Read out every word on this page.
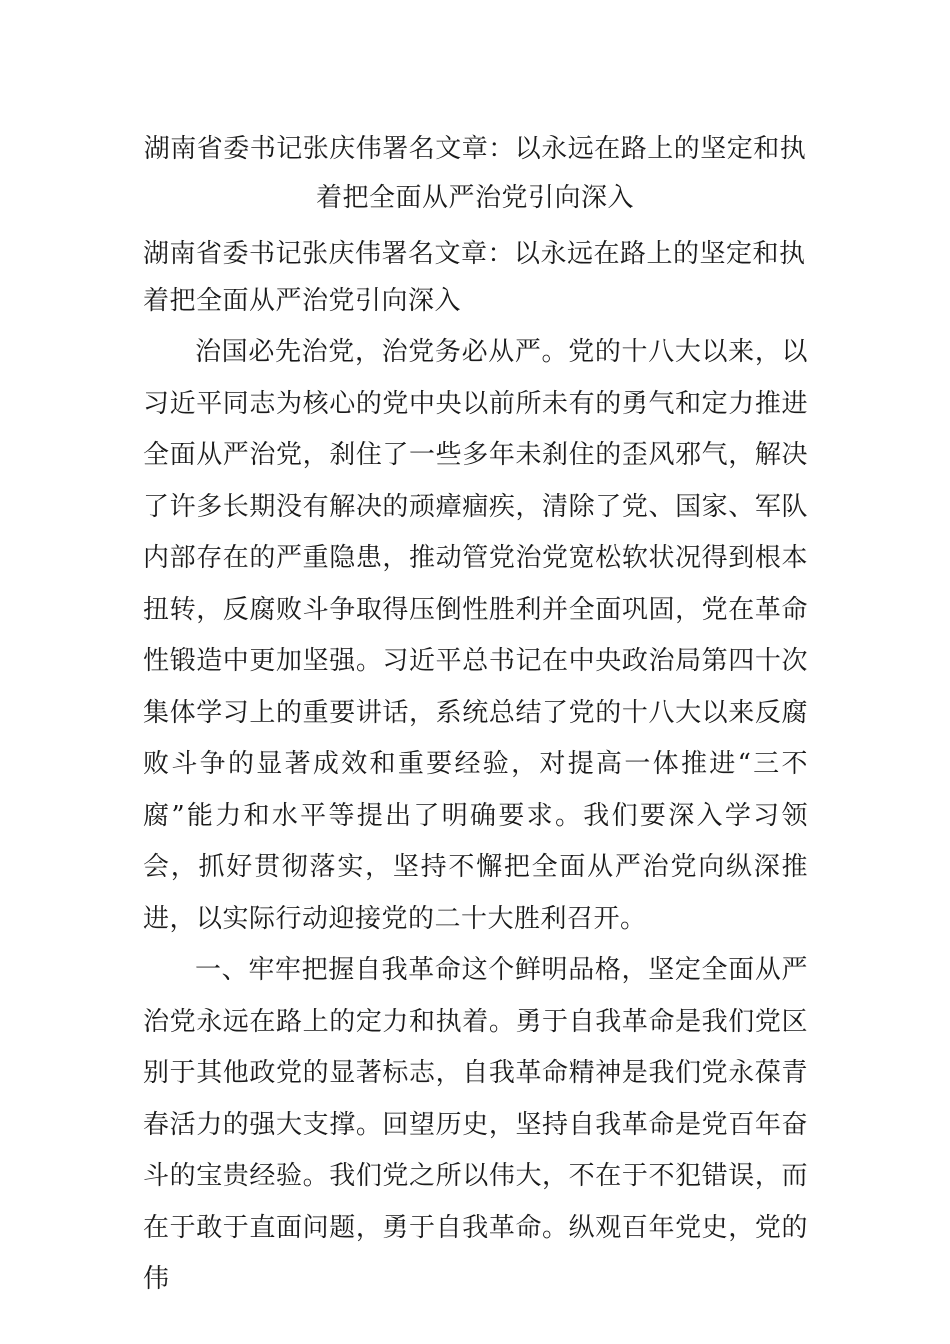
湖南省委书记张庆伟署名文章：以永远在路上的坚定和执着把全面从严治党引向深入
湖南省委书记张庆伟署名文章：以永远在路上的坚定和执着把全面从严治党引向深入

治国必先治党，治党务必从严。党的十八大以来，以习近平同志为核心的党中央以前所未有的勇气和定力推进全面从严治党，刹住了一些多年未刹住的歪风邪气，解决了许多长期没有解决的顽瘴痼疾，清除了党、国家、军队内部存在的严重隐患，推动管党治党宽松软状况得到根本扭转，反腐败斗争取得压倒性胜利并全面巩固，党在革命性锻造中更加坚强。习近平总书记在中央政治局第四十次集体学习上的重要讲话，系统总结了党的十八大以来反腐败斗争的显著成效和重要经验，对提高一体推进“三不腐”能力和水平等提出了明确要求。我们要深入学习领会，抓好贯彻落实，坚持不懈把全面从严治党向纵深推进，以实际行动迎接党的二十大胜利召开。

一、牢牢把握自我革命这个鲜明品格，坚定全面从严治党永远在路上的定力和执着。勇于自我革命是我们党区别于其他政党的显著标志，自我革命精神是我们党永葆青春活力的强大支撑。回望历史，坚持自我革命是党百年奋斗的宝贵经验。我们党之所以伟大，不在于不犯错误，而在于敢于直面问题，勇于自我革命。纵观百年党史，党的伟
